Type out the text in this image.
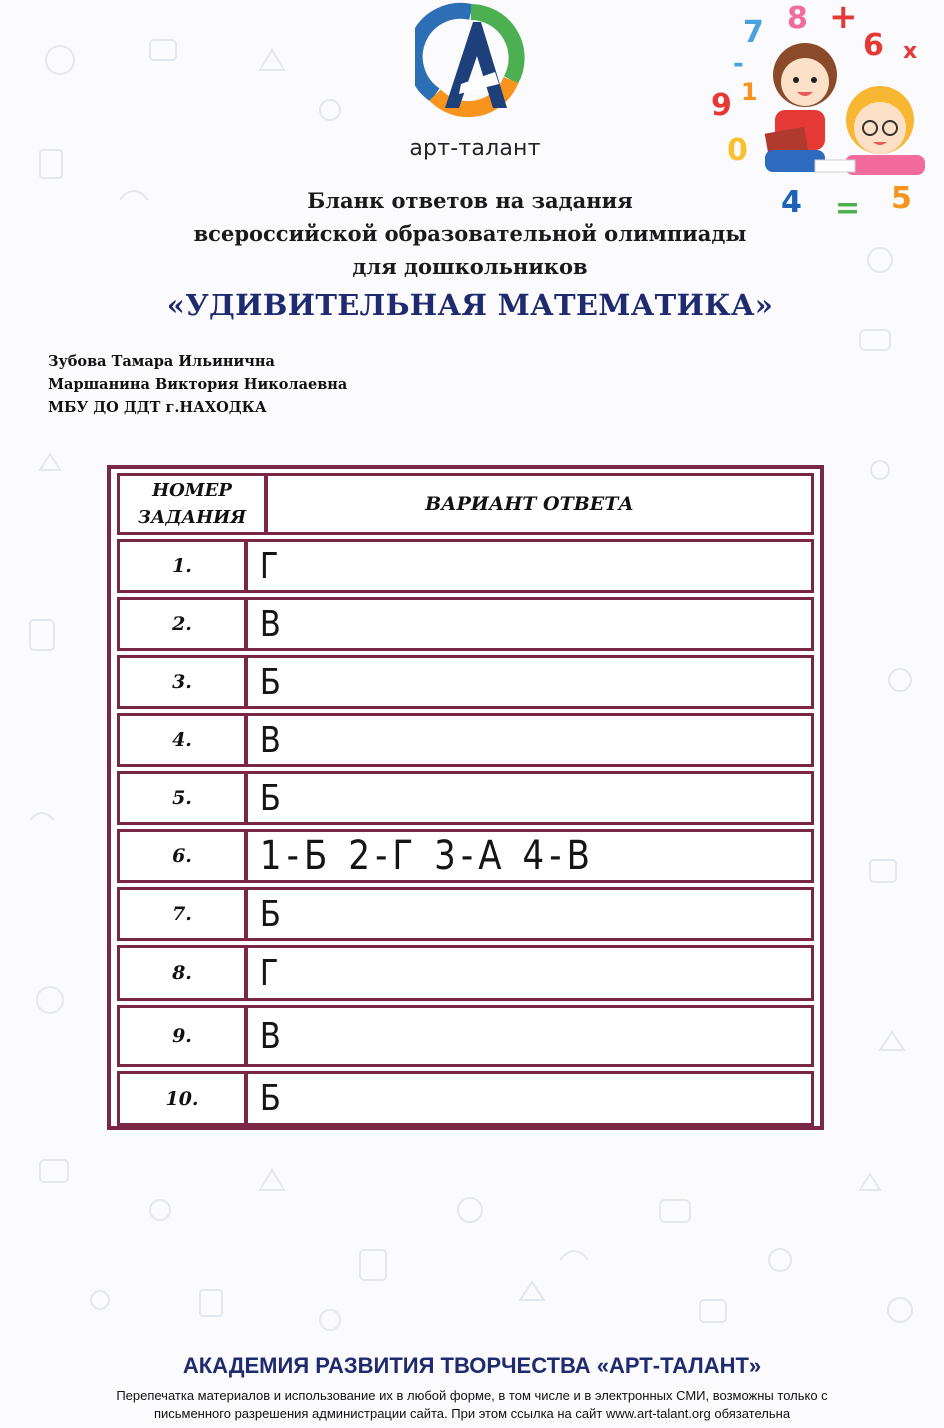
арт-талант
7 8 +
6 x
-
9 1
0
4 = 5
Бланк ответов на задания
всероссийской образовательной олимпиады
для дошкольников
«УДИВИТЕЛЬНАЯ МАТЕМАТИКА»
Зубова Тамара Ильинична
Маршанина Виктория Николаевна
МБУ ДО ДДТ г.НАХОДКА
НОМЕР ЗАДАНИЯ
ВАРИАНТ ОТВЕТА
1.	Г
2.	В
3.	Б
4.	В
5.	Б
6.	1-Б 2-Г 3-А 4-В
7.	Б
8.	Г
9.	В
10.	Б
АКАДЕМИЯ РАЗВИТИЯ ТВОРЧЕСТВА «АРТ-ТАЛАНТ»
Перепечатка материалов и использование их в любой форме, в том числе и в электронных СМИ, возможны только с
письменного разрешения администрации сайта. При этом ссылка на сайт www.art-talant.org обязательна
